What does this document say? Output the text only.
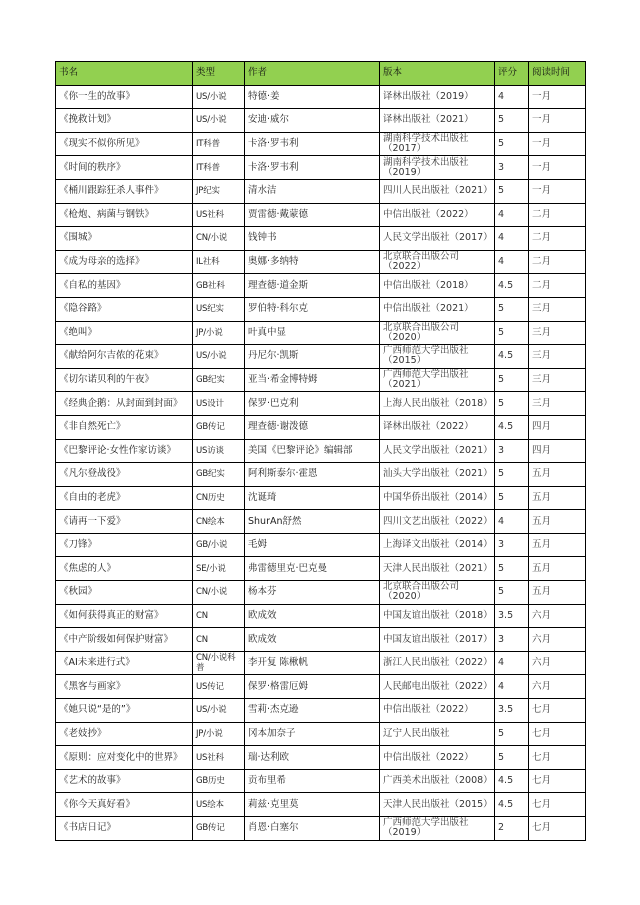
书名	类型	作者	版本	评分	阅读时间
《你一生的故事》	US/小说	特德·姜	译林出版社（2019）	4	一月
《挽救计划》	US/小说	安迪·威尔	译林出版社（2021）	5	一月
《现实不似你所见》	IT科普	卡洛·罗韦利	湖南科学技术出版社（2017）	5	一月
《时间的秩序》	IT科普	卡洛·罗韦利	湖南科学技术出版社（2019）	3	一月
《桶川跟踪狂杀人事件》	JP纪实	清水洁	四川人民出版社（2021）	5	一月
《枪炮、病菌与钢铁》	US社科	贾雷德·戴蒙德	中信出版社（2022）	4	二月
《围城》	CN/小说	钱钟书	人民文学出版社（2017）	4	二月
《成为母亲的选择》	IL社科	奥娜·多纳特	北京联合出版公司（2022）	4	二月
《自私的基因》	GB社科	理查德·道金斯	中信出版社（2018）	4.5	二月
《隐谷路》	US纪实	罗伯特·科尔克	中信出版社（2021）	5	三月
《绝叫》	JP/小说	叶真中显	北京联合出版公司（2020）	5	三月
《献给阿尔吉侬的花束》	US/小说	丹尼尔·凯斯	广西师范大学出版社（2015）	4.5	三月
《切尔诺贝利的午夜》	GB纪实	亚当·希金博特姆	广西师范大学出版社（2021）	5	三月
《经典企鹅：从封面到封面》	US设计	保罗·巴克利	上海人民出版社（2018）	5	三月
《非自然死亡》	GB传记	理查德·谢泼德	译林出版社（2022）	4.5	四月
《巴黎评论·女性作家访谈》	US访谈	美国《巴黎评论》编辑部	人民文学出版社（2021）	3	四月
《凡尔登战役》	GB纪实	阿利斯泰尔·霍恩	汕头大学出版社（2021）	5	五月
《自由的老虎》	CN历史	沈诞琦	中国华侨出版社（2014）	5	五月
《请再一下爱》	CN绘本	ShurAn舒然	四川文艺出版社（2022）	4	五月
《刀锋》	GB/小说	毛姆	上海译文出版社（2014）	3	五月
《焦虑的人》	SE/小说	弗雷德里克·巴克曼	天津人民出版社（2021）	5	五月
《秋园》	CN/小说	杨本芬	北京联合出版公司（2020）	5	五月
《如何获得真正的财富》	CN	欧成效	中国友谊出版社（2018）	3.5	六月
《中产阶级如何保护财富》	CN	欧成效	中国友谊出版社（2017）	3	六月
《AI未来进行式》	CN/小说科普	李开复 陈楸帆	浙江人民出版社（2022）	4	六月
《黑客与画家》	US传记	保罗·格雷厄姆	人民邮电出版社（2022）	4	六月
《她只说“是的”》	US/小说	雪莉·杰克逊	中信出版社（2022）	3.5	七月
《老妓抄》	JP/小说	冈本加奈子	辽宁人民出版社	5	七月
《原则：应对变化中的世界》	US社科	瑞·达利欧	中信出版社（2022）	5	七月
《艺术的故事》	GB历史	贡布里希	广西美术出版社（2008）	4.5	七月
《你今天真好看》	US绘本	莉兹·克里莫	天津人民出版社（2015）	4.5	七月
《书店日记》	GB传记	肖恩·白塞尔	广西师范大学出版社（2019）	2	七月
